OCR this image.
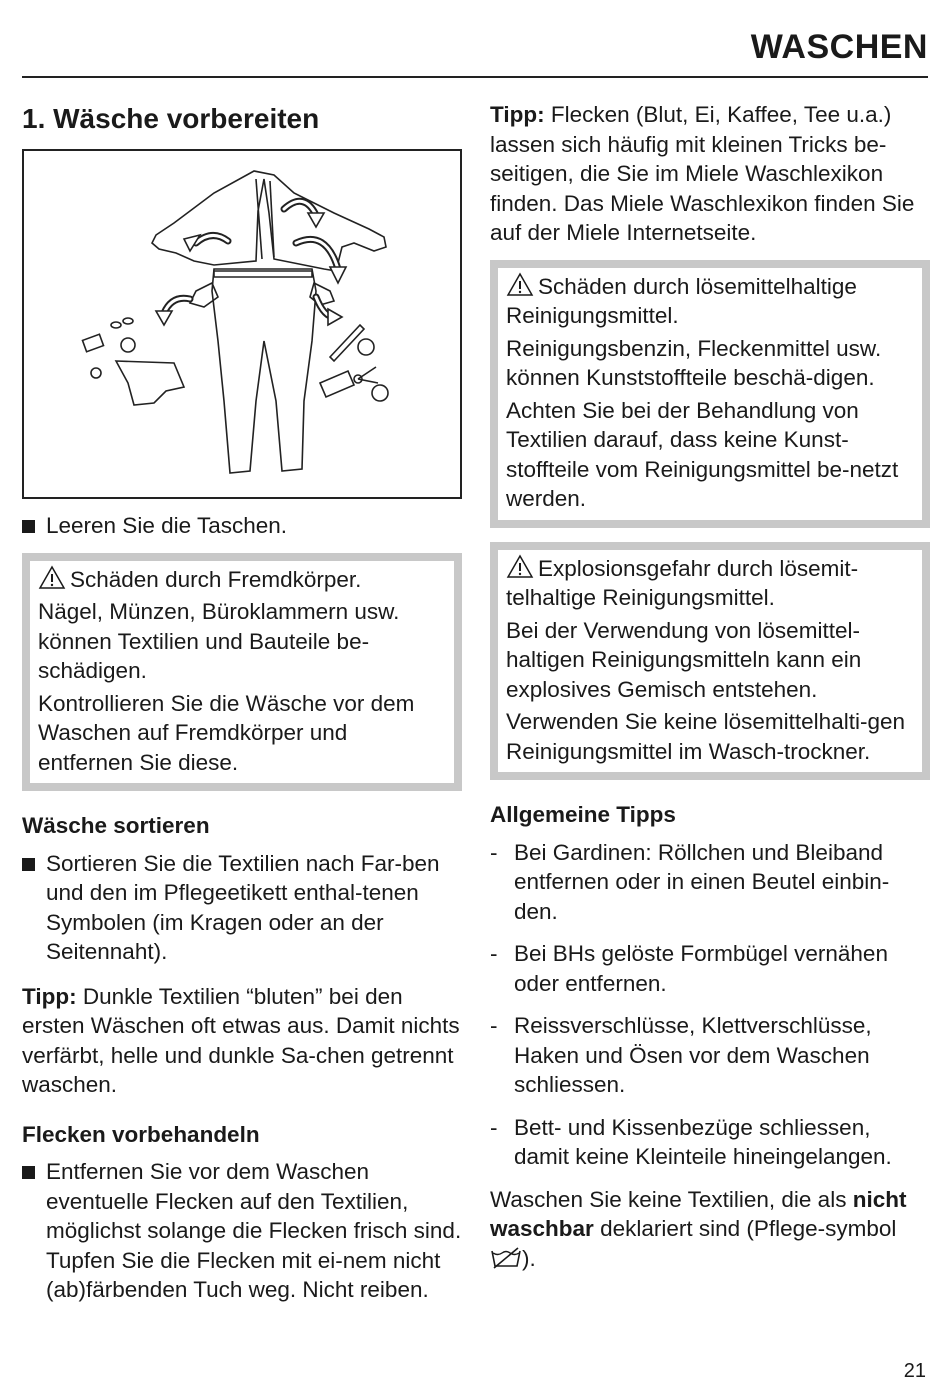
WASCHEN
1. Wäsche vorbereiten

Leeren Sie die Taschen.

Schäden durch Fremdkörper.

Nägel, Münzen, Büroklammern usw. können Textilien und Bauteile be-schädigen.

Kontrollieren Sie die Wäsche vor dem Waschen auf Fremdkörper und entfernen Sie diese.

Wäsche sortieren

Sortieren Sie die Textilien nach Far-ben und den im Pflegeetikett enthal-tenen Symbolen (im Kragen oder an der Seitennaht).

Tipp: Dunkle Textilien “bluten” bei den ersten Wäschen oft etwas aus. Damit nichts verfärbt, helle und dunkle Sa-chen getrennt waschen.

Flecken vorbehandeln

Entfernen Sie vor dem Waschen eventuelle Flecken auf den Textilien, möglichst solange die Flecken frisch sind. Tupfen Sie die Flecken mit ei-nem nicht (ab)färbenden Tuch weg. Nicht reiben.

Tipp: Flecken (Blut, Ei, Kaffee, Tee u.a.) lassen sich häufig mit kleinen Tricks be-seitigen, die Sie im Miele Waschlexikon finden. Das Miele Waschlexikon finden Sie auf der Miele Internetseite.

Schäden durch lösemittelhaltige Reinigungsmittel.

Reinigungsbenzin, Fleckenmittel usw. können Kunststoffteile beschä-digen.

Achten Sie bei der Behandlung von Textilien darauf, dass keine Kunst-stoffteile vom Reinigungsmittel be-netzt werden.

Explosionsgefahr durch lösemit-telhaltige Reinigungsmittel.

Bei der Verwendung von lösemittel-haltigen Reinigungsmitteln kann ein explosives Gemisch entstehen.

Verwenden Sie keine lösemittelhalti-gen Reinigungsmittel im Wasch-trockner.

Allgemeine Tipps

- Bei Gardinen: Röllchen und Bleiband entfernen oder in einen Beutel einbin-den.

- Bei BHs gelöste Formbügel vernähen oder entfernen.

- Reissverschlüsse, Klettverschlüsse, Haken und Ösen vor dem Waschen schliessen.

- Bett- und Kissenbezüge schliessen, damit keine Kleinteile hineingelangen.

Waschen Sie keine Textilien, die als nicht waschbar deklariert sind (Pflege-symbol ).

21
